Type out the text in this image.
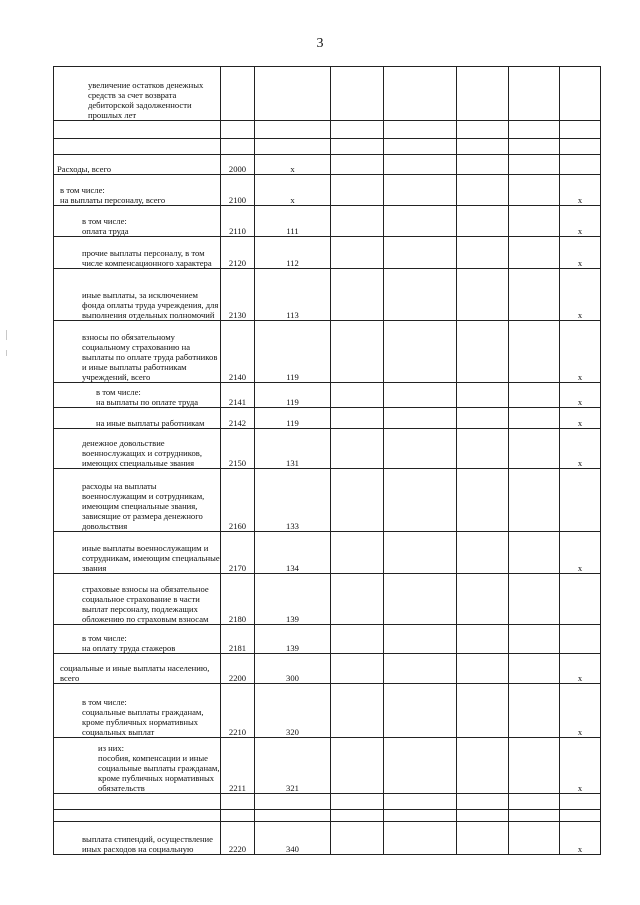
3
увеличение остатков денежных средств за счет возврата дебиторской задолженности прошлых лет							

Расходы, всего	2000	x					
в том числе:
на выплаты персоналу, всего	2100	x					x
в том числе:
оплата труда	2110	111					x
прочие выплаты персоналу, в том числе компенсационного характера	2120	112					x
иные выплаты, за исключением фонда оплаты труда учреждения, для выполнения отдельных полномочий	2130	113					x
взносы по обязательному социальному страхованию на выплаты по оплате труда работников и иные выплаты работникам учреждений, всего	2140	119					x
в том числе:
на выплаты по оплате труда	2141	119					x
на иные выплаты работникам	2142	119					x
денежное довольствие военнослужащих и сотрудников, имеющих специальные звания	2150	131					x
расходы на выплаты военнослужащим и сотрудникам, имеющим специальные звания, зависящие от размера денежного довольствия	2160	133					
иные выплаты военнослужащим и сотрудникам, имеющим специальные звания	2170	134					x
страховые взносы на обязательное социальное страхование в части выплат персоналу, подлежащих обложению по страховым взносам	2180	139					
в том числе:
на оплату труда стажеров	2181	139					
социальные и иные выплаты населению, всего	2200	300					x
в том числе:
социальные выплаты гражданам, кроме публичных нормативных социальных выплат	2210	320					x
из них:
пособия, компенсации и иные социальные выплаты гражданам, кроме публичных нормативных обязательств	2211	321					x

выплата стипендий, осуществление иных расходов на социальную	2220	340					x
